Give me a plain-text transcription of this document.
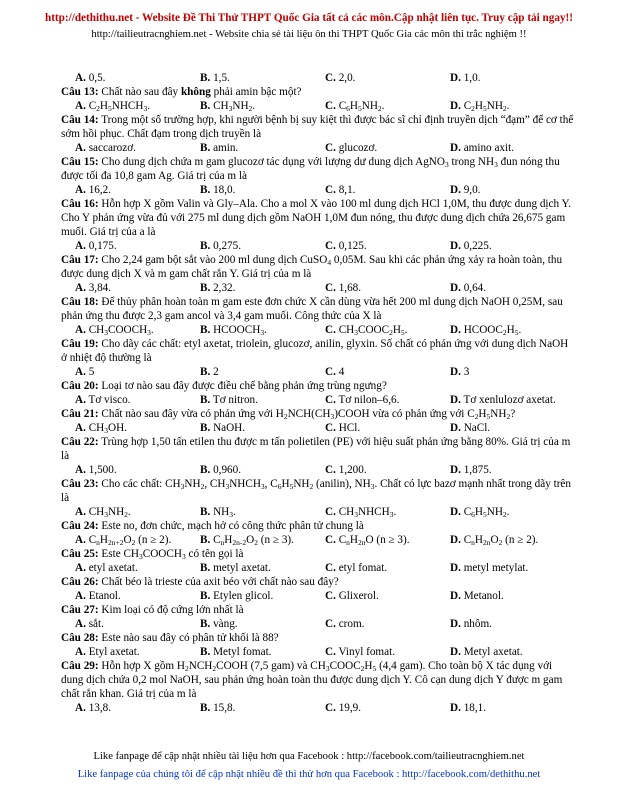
http://dethithu.net - Website Đề Thi Thử THPT Quốc Gia tất cả các môn.Cập nhật liên tục. Truy cập tải ngay!!
http://tailieutracnghiem.net - Website chia sẻ tài liệu ôn thi THPT Quốc Gia các môn thi trắc nghiệm !!
A. 0,5.	B. 1,5.	C. 2,0.	D. 1,0.

Câu 13: Chất nào sau đây không phải amin bậc một?

A. $C_2H_5NHCH_3$.	B. $CH_3NH_2$.	C. $C_6H_5NH_2$.	D. $C_2H_5NH_2$.

Câu 14: Trong một số trường hợp, khi người bệnh bị suy kiệt thì được bác sĩ chỉ định truyền dịch “đạm” để cơ thể sớm hồi phục. Chất đạm trong dịch truyền là

A. saccarozơ.	B. amin.	C. glucozơ.	D. amino axit.

Câu 15: Cho dung dịch chứa m gam glucozơ tác dụng với lượng dư dung dịch AgNO$_3$ trong $NH_3$ đun nóng thu được tối đa 10,8 gam Ag. Giá trị của m là

A. 16,2.	B. 18,0.	C. 8,1.	D. 9,0.

Câu 16: Hỗn hợp X gồm Valin và Gly–Ala. Cho a mol X vào 100 ml dung dịch HCl 1,0M, thu được dung dịch Y. Cho Y phản ứng vừa đủ với 275 ml dung dịch gồm NaOH 1,0M đun nóng, thu được dung dịch chứa 26,675 gam muối. Giá trị của a là

A. 0,175.	B. 0,275.	C. 0,125.	D. 0,225.

Câu 17: Cho 2,24 gam bột sắt vào 200 ml dung dịch CuSO$_4$ 0,05M. Sau khi các phản ứng xảy ra hoàn toàn, thu được dung dịch X và m gam chất rắn Y. Giá trị của m là

A. 3,84.	B. 2,32.	C. 1,68.	D. 0,64.

Câu 18: Để thủy phân hoàn toàn m gam este đơn chức X cần dùng vừa hết 200 ml dung dịch NaOH 0,25M, sau phản ứng thu được 2,3 gam ancol và 3,4 gam muối. Công thức của X là

A. $CH_3COOCH_3$.	B. $HCOOCH_3$.	C. $CH_3COOC_2H_5$.	D. $HCOOC_2H_5$.

Câu 19: Cho dãy các chất: etyl axetat, triolein, glucozơ, anilin, glyxin. Số chất có phản ứng với dung dịch NaOH ở nhiệt độ thường là

A. 5	B. 2	C. 4	D. 3

Câu 20: Loại tơ nào sau đây được điều chế bằng phản ứng trùng ngưng?

A. Tơ visco.	B. Tơ nitron.	C. Tơ nilon–6,6.	D. Tơ xenlulozơ axetat.

Câu 21: Chất nào sau đây vừa có phản ứng với $H_2NCH(CH_3)COOH$ vừa có phản ứng với $C_2H_5NH_2$?

A. $CH_3OH$.	B. NaOH.	C. HCl.	D. NaCl.

Câu 22: Trùng hợp 1,50 tấn etilen thu được m tấn polietilen (PE) với hiệu suất phản ứng bằng 80%. Giá trị của m là

A. 1,500.	B. 0,960.	C. 1,200.	D. 1,875.

Câu 23: Cho các chất: $CH_3NH_2$, $CH_3NHCH_3$, $C_6H_5NH_2$ (anilin), $NH_3$. Chất có lực bazơ mạnh nhất trong dãy trên là

A. $CH_3NH_2$.	B. $NH_3$.	C. $CH_3NHCH_3$.	D. $C_6H_5NH_2$.

Câu 24: Este no, đơn chức, mạch hở có công thức phân tử chung là

A. $C_nH_{2n+2}O_2$ (n ≥ 2).	B. $C_nH_{2n-2}O_2$ (n ≥ 3).	C. $C_nH_{2n}O$ (n ≥ 3).	D. $C_nH_{2n}O_2$ (n ≥ 2).

Câu 25: Este $CH_3COOCH_3$ có tên gọi là

A. etyl axetat.	B. metyl axetat.	C. etyl fomat.	D. metyl metylat.

Câu 26: Chất béo là trieste của axit béo với chất nào sau đây?

A. Etanol.	B. Etylen glicol.	C. Glixerol.	D. Metanol.

Câu 27: Kim loại có độ cứng lớn nhất là

A. sắt.	B. vàng.	C. crom.	D. nhôm.

Câu 28: Este nào sau đây có phân tử khối là 88?

A. Etyl axetat.	B. Metyl fomat.	C. Vinyl fomat.	D. Metyl axetat.

Câu 29: Hỗn hợp X gồm $H_2NCH_2COOH$ (7,5 gam) và $CH_3COOC_2H_5$ (4,4 gam). Cho toàn bộ X tác dụng với dung dịch chứa 0,2 mol NaOH, sau phản ứng hoàn toàn thu được dung dịch Y. Cô cạn dung dịch Y được m gam chất rắn khan. Giá trị của m là

A. 13,8.	B. 15,8.	C. 19,9.	D. 18,1.
Like fanpage để cập nhật nhiều tài liệu hơn qua Facebook : http://facebook.com/tailieutracnghiem.net
Like fanpage của chúng tôi để cập nhật nhiều đề thi thử hơn qua Facebook : http://facebook.com/dethithu.net
